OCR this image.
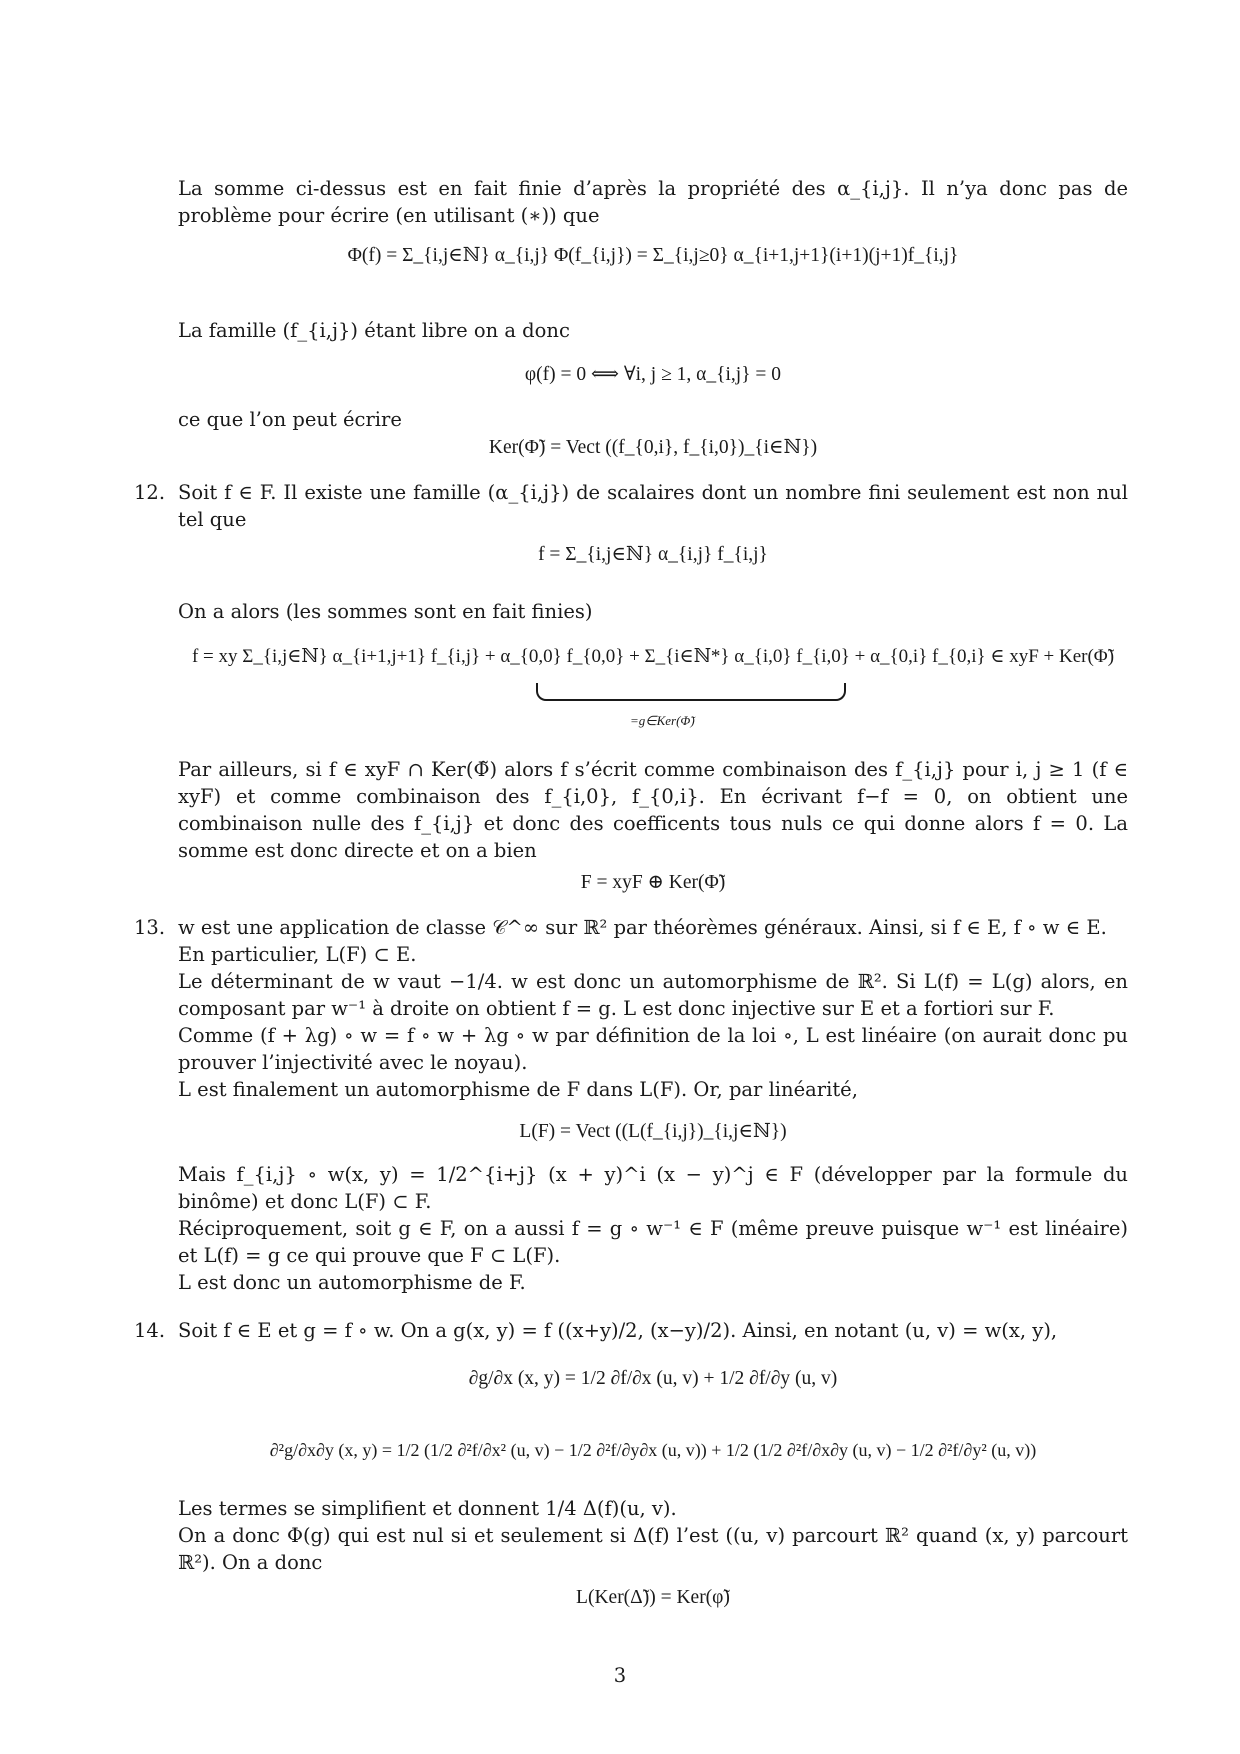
La somme ci-dessus est en fait finie d’après la propriété des α_{i,j}. Il n’ya donc pas de problème pour écrire (en utilisant (∗)) que

Φ(f) = Σ_{i,j∈ℕ} α_{i,j} Φ(f_{i,j}) = Σ_{i,j≥0} α_{i+1,j+1}(i+1)(j+1)f_{i,j}

La famille (f_{i,j}) étant libre on a donc

φ(f) = 0 ⟺ ∀i, j ≥ 1, α_{i,j} = 0

ce que l’on peut écrire

Ker(Φ̃) = Vect ((f_{0,i}, f_{i,0})_{i∈ℕ})
12. Soit f ∈ F. Il existe une famille (α_{i,j}) de scalaires dont un nombre fini seulement est non nul tel que

f = Σ_{i,j∈ℕ} α_{i,j} f_{i,j}

On a alors (les sommes sont en fait finies)

f = xy Σ_{i,j∈ℕ} α_{i+1,j+1} f_{i,j} + α_{0,0} f_{0,0} + Σ_{i∈ℕ*} α_{i,0} f_{i,0} + α_{0,i} f_{0,i} ∈ xyF + Ker(Φ̃)
=g∈Ker(Φ̃)

Par ailleurs, si f ∈ xyF ∩ Ker(Φ̃) alors f s’écrit comme combinaison des f_{i,j} pour i, j ≥ 1 (f ∈ xyF) et comme combinaison des f_{i,0}, f_{0,i}. En écrivant f−f = 0, on obtient une combinaison nulle des f_{i,j} et donc des coefficents tous nuls ce qui donne alors f = 0. La somme est donc directe et on a bien

F = xyF ⊕ Ker(Φ̃)
13. w est une application de classe 𝒞^∞ sur ℝ² par théorèmes généraux. Ainsi, si f ∈ E, f ∘ w ∈ E.

En particulier, L(F) ⊂ E.

Le déterminant de w vaut −1/4. w est donc un automorphisme de ℝ². Si L(f) = L(g) alors, en composant par w⁻¹ à droite on obtient f = g. L est donc injective sur E et a fortiori sur F.

Comme (f + λg) ∘ w = f ∘ w + λg ∘ w par définition de la loi ∘, L est linéaire (on aurait donc pu prouver l’injectivité avec le noyau).

L est finalement un automorphisme de F dans L(F). Or, par linéarité,

L(F) = Vect ((L(f_{i,j})_{i,j∈ℕ})

Mais f_{i,j} ∘ w(x, y) = 1/2^{i+j} (x + y)^i (x − y)^j ∈ F (développer par la formule du binôme) et donc L(F) ⊂ F.

Réciproquement, soit g ∈ F, on a aussi f = g ∘ w⁻¹ ∈ F (même preuve puisque w⁻¹ est linéaire) et L(f) = g ce qui prouve que F ⊂ L(F).

L est donc un automorphisme de F.

14. Soit f ∈ E et g = f ∘ w. On a g(x, y) = f ((x+y)/2, (x−y)/2). Ainsi, en notant (u, v) = w(x, y),

∂g/∂x (x, y) = 1/2 ∂f/∂x (u, v) + 1/2 ∂f/∂y (u, v)
∂²g/∂x∂y (x, y) = 1/2 (1/2 ∂²f/∂x² (u, v) − 1/2 ∂²f/∂y∂x (u, v)) + 1/2 (1/2 ∂²f/∂x∂y (u, v) − 1/2 ∂²f/∂y² (u, v))

Les termes se simplifient et donnent 1/4 Δ(f)(u, v).

On a donc Φ(g) qui est nul si et seulement si Δ(f) l’est ((u, v) parcourt ℝ² quand (x, y) parcourt ℝ²). On a donc

L(Ker(Δ̃)) = Ker(φ̃)
3
